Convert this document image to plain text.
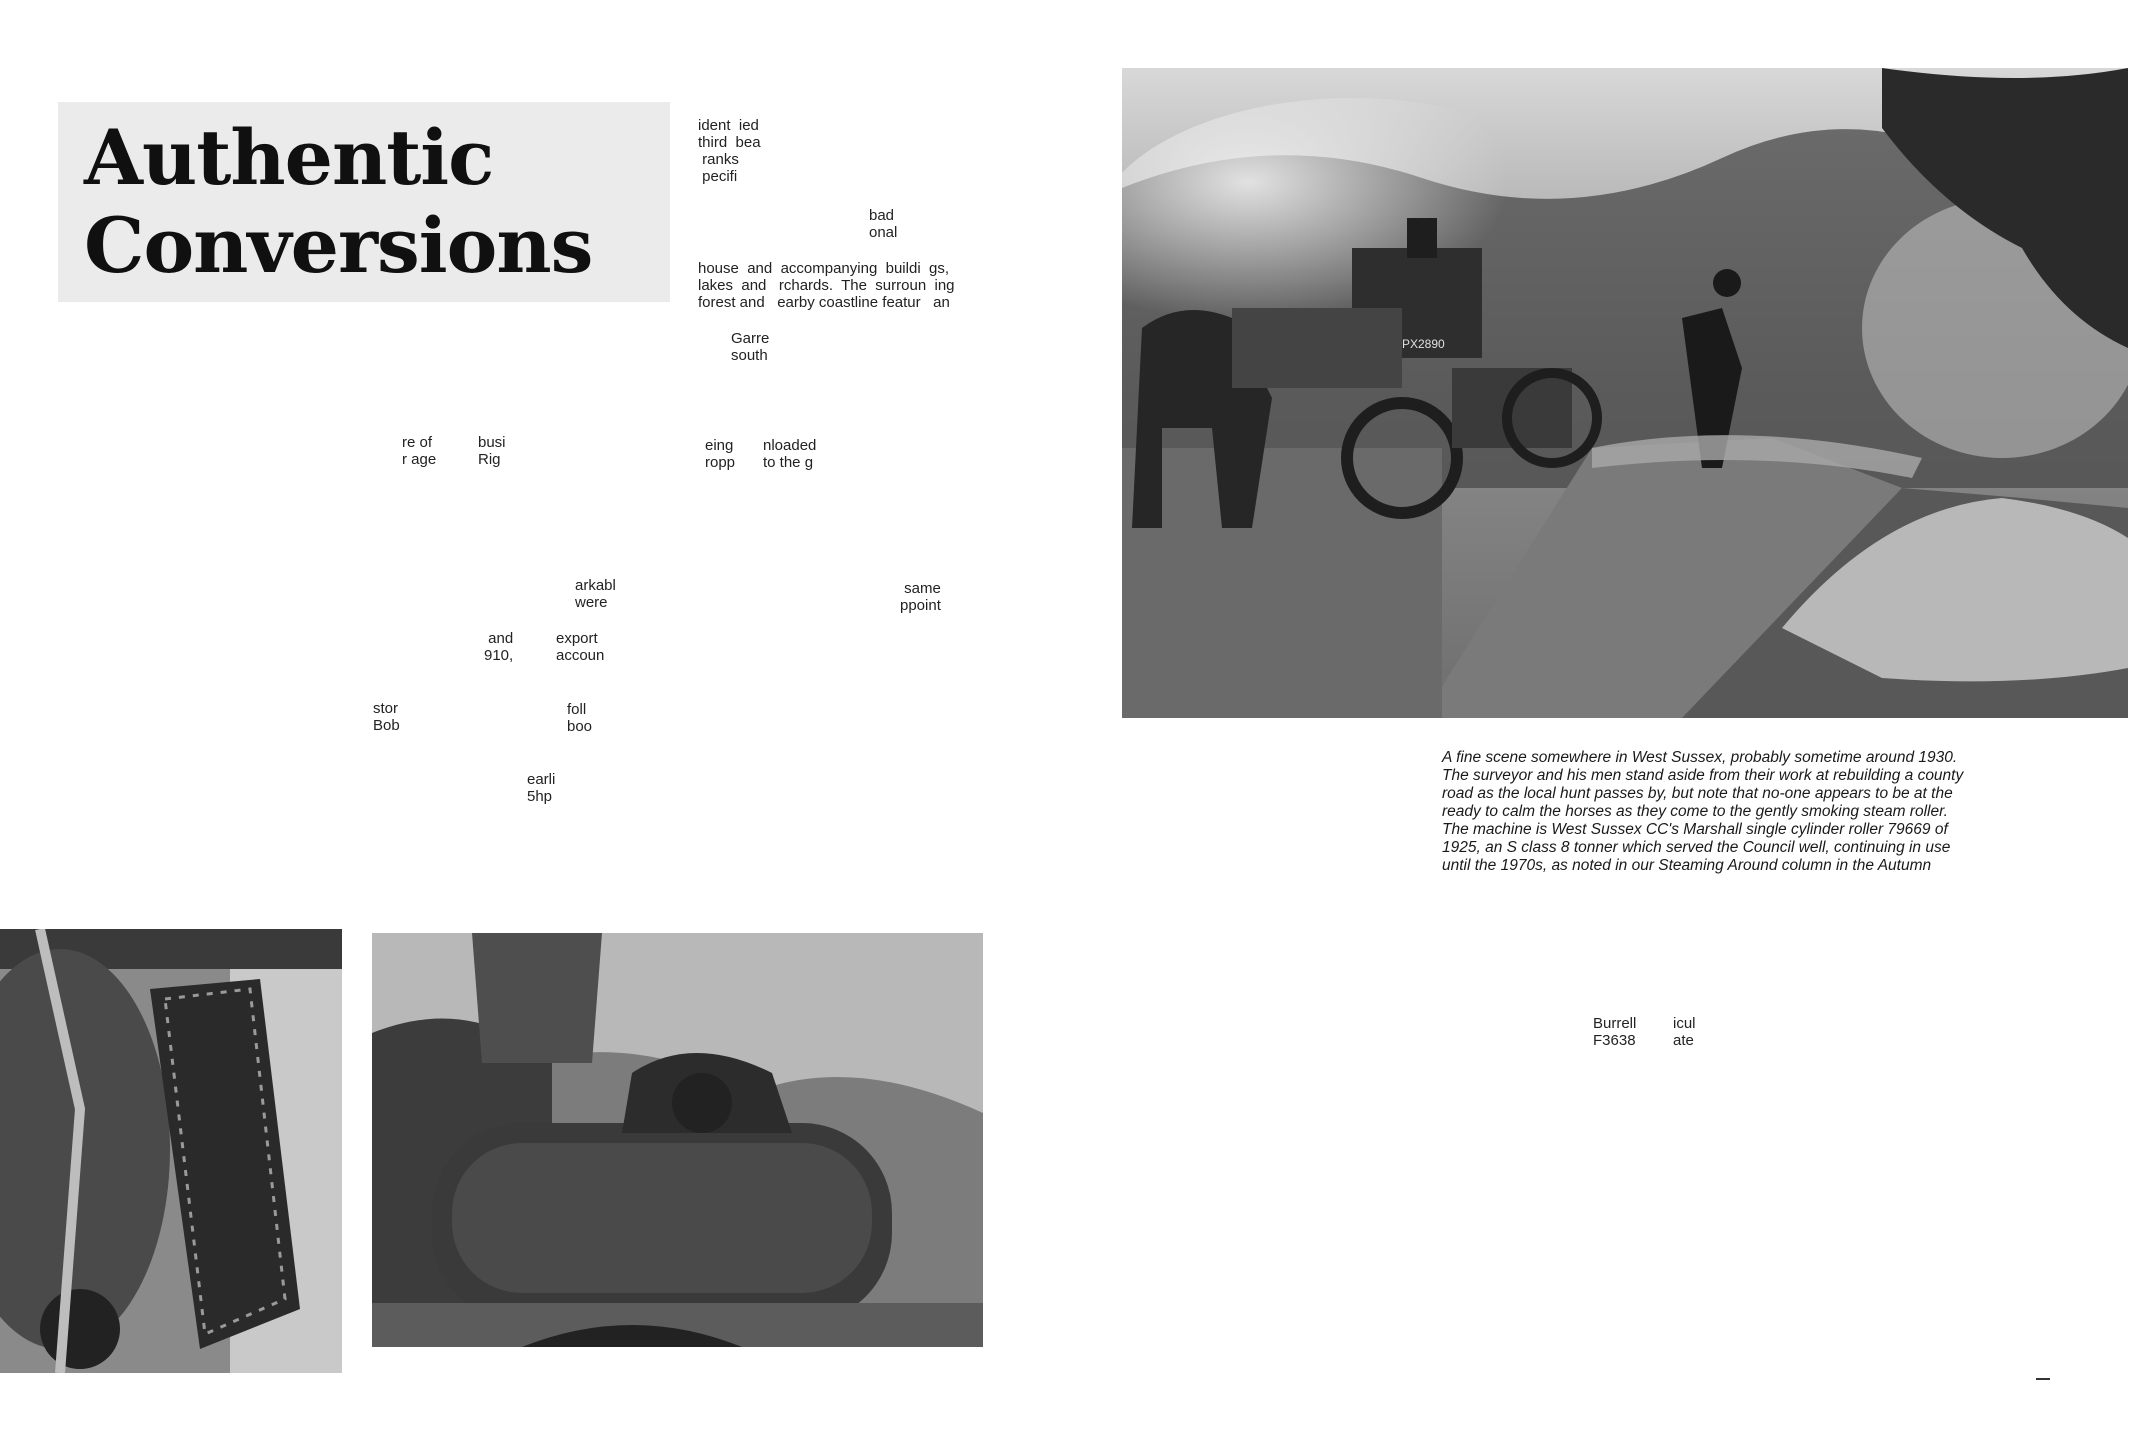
Authentic
Conversions
ident  ied
third  bea
ranks
pecifi
bad
onal
house  and  accompanying  buildi  gs,
lakes  and   rchards.  The  surroun  ing
forest and   earby coastline featur   an
Garre
south
re of
r age
busi
Rig
eing
ropp
nloaded
to the g
arkabl
were
same
ppoint
and
910,
export
accoun
stor
Bob
foll
boo
earli
5hp
Burrell
F3638
icul
ate
PX2890
A fine scene somewhere in West Sussex, probably sometime around 1930.
The surveyor and his men stand aside from their work at rebuilding a county
road as the local hunt passes by, but note that no-one appears to be at the
ready to calm the horses as they come to the gently smoking steam roller.
The machine is West Sussex CC's Marshall single cylinder roller 79669 of
1925, an S class 8 tonner which served the Council well, continuing in use
until the 1970s, as noted in our Steaming Around column in the Autumn
